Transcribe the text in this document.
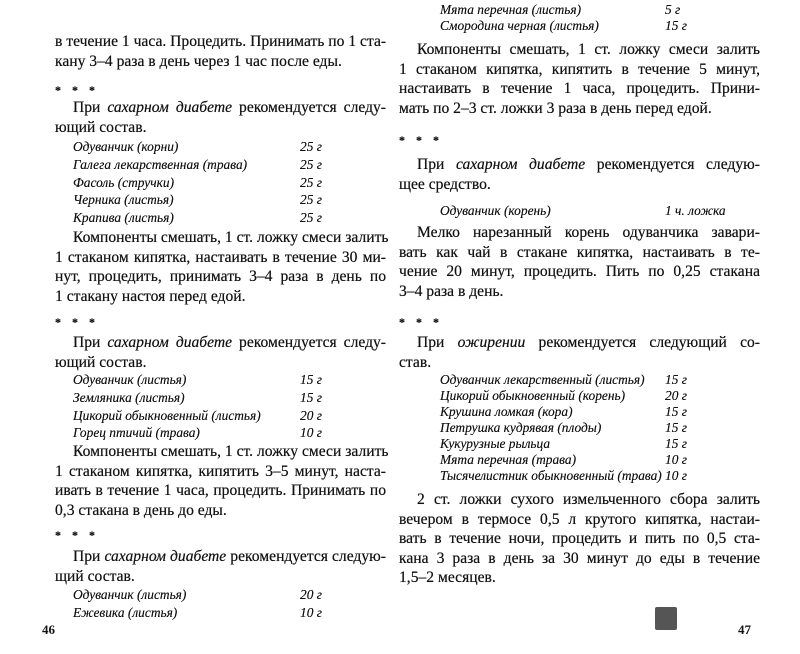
в течение 1 часа. Процедить. Принимать по 1 ста-
кану 3–4 раза в день через 1 час после еды.
* * *
При сахарном диабете рекомендуется следу-
ющий состав.
Одуванчик (корни)	25 г
Галега лекарственная (трава)	25 г
Фасоль (стручки)	25 г
Черника (листья)	25 г
Крапива (листья)	25 г
Компоненты смешать, 1 ст. ложку смеси залить
1 стаканом кипятка, настаивать в течение 30 ми-
нут, процедить, принимать 3–4 раза в день по
1 стакану настоя перед едой.
* * *
При сахарном диабете рекомендуется следу-
ющий состав.
Одуванчик (листья)	15 г
Земляника (листья)	15 г
Цикорий обыкновенный (листья)	20 г
Горец птичий (трава)	10 г
Компоненты смешать, 1 ст. ложку смеси залить
1 стаканом кипятка, кипятить 3–5 минут, наста-
ивать в течение 1 часа, процедить. Принимать по
0,3 стакана в день до еды.
* * *
При сахарном диабете рекомендуется следую-
щий состав.
Одуванчик (листья)	20 г
Ежевика (листья)	10 г
Мята перечная (листья)	5 г
Смородина черная (листья)	15 г
Компоненты смешать, 1 ст. ложку смеси залить
1 стаканом кипятка, кипятить в течение 5 минут,
настаивать в течение 1 часа, процедить. Прини-
мать по 2–3 ст. ложки 3 раза в день перед едой.
* * *
При сахарном диабете рекомендуется следую-
щее средство.
Одуванчик (корень)	1 ч. ложка
Мелко нарезанный корень одуванчика завари-
вать как чай в стакане кипятка, настаивать в те-
чение 20 минут, процедить. Пить по 0,25 стакана
3–4 раза в день.
* * *
При ожирении рекомендуется следующий со-
став.
Одуванчик лекарственный (листья) 15 г
Цикорий обыкновенный (корень)	20 г
Крушина ломкая (кора)	15 г
Петрушка кудрявая (плоды)	15 г
Кукурузные рыльца	15 г
Мята перечная (трава)	10 г
Тысячелистник обыкновенный (трава) 10 г
2 ст. ложки сухого измельченного сбора залить
вечером в термосе 0,5 л крутого кипятка, настаи-
вать в течение ночи, процедить и пить по 0,5 ста-
кана 3 раза в день за 30 минут до еды в течение
1,5–2 месяцев.
46	47
